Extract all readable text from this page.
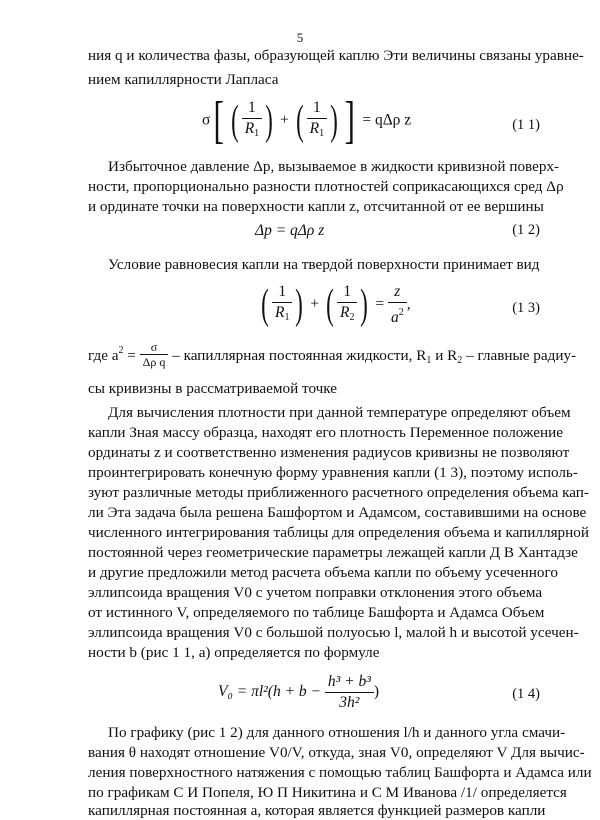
5
ния q и количества фазы, образующей каплю Эти величины связаны уравне-
нием капиллярности Лапласа
σ[ ( $\frac{1}{R_1}$ ) + ( $\frac{1}{R_1}$ ) ] = qΔρ z	(1 1)
Избыточное давление Δp, вызываемое в жидкости кривизной поверх-
ности, пропорционально разности плотностей соприкасающихся сред Δρ
и ординате точки на поверхности капли z, отсчитанной от ее вершины
Δp = qΔρ z	(1 2)
Условие равновесия капли на твердой поверхности принимает вид
( $\frac{1}{R_1}$ ) + ( $\frac{1}{R_2}$ ) = $\frac{z}{a^2}$ ,	(1 3)
где $a^2 = \frac{\sigma}{\text{Δρ q}}$ – капиллярная постоянная жидкости, $R_1$ и $R_2$ – главные радиу-
сы кривизны в рассматриваемой точке
Для вычисления плотности при данной температуре определяют объем
капли Зная массу образца, находят его плотность Переменное положение
ординаты z и соответственно изменения радиусов кривизны не позволяют
проинтегрировать конечную форму уравнения капли (1 3), поэтому исполь-
зуют различные методы приближенного расчетного определения объема кап-
ли Эта задача была решена Башфортом и Адамсом, составившими на основе
численного интегрирования таблицы для определения объема и капиллярной
постоянной через геометрические параметры лежащей капли Д В Хантадзе
и другие предложили метод расчета объема капли по объему усеченного
эллипсоида вращения V0 с учетом поправки отклонения этого объема
от истинного V, определяемого по таблице Башфорта и Адамса Объем
эллипсоида вращения V0 с большой полуосью l, малой h и высотой усечен-
ности b (рис 1 1, а) определяется по формуле
$V_0 = \pi l^2(h + b - \frac{\text{h³ + b³}}{\text{3h²}}$ )	(1 4)
По графику (рис 1 2) для данного отношения l/h и данного угла смачи-
вания θ находят отношение V0/V, откуда, зная V0, определяют V Для вычис-
ления поверхностного натяжения с помощью таблиц Башфорта и Адамса или
по графикам С И Попеля, Ю П Никитина и С М Иванова /1/ определяется
капиллярная постоянная a, которая является функцией размеров капли
